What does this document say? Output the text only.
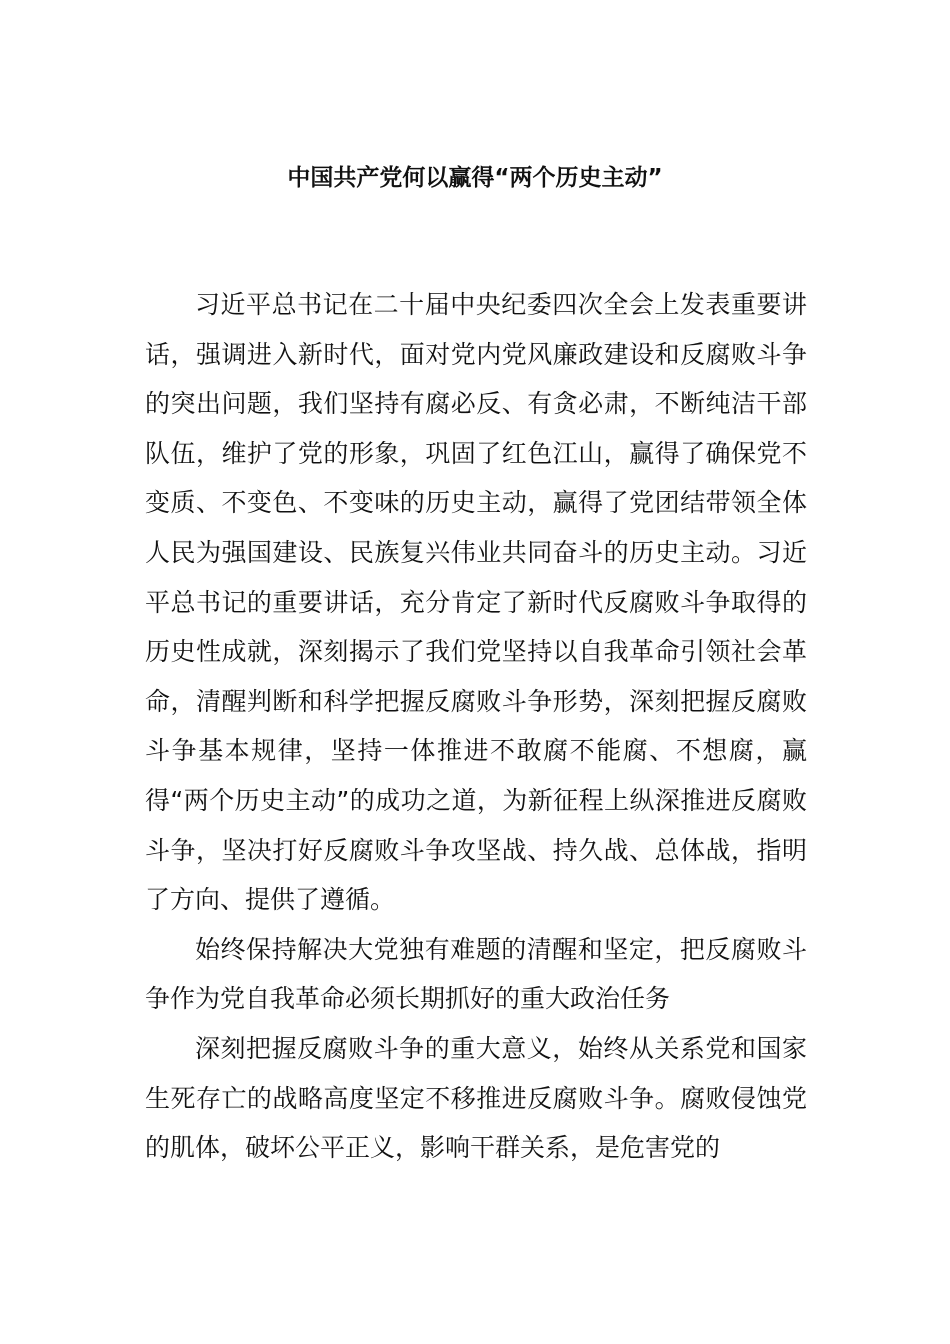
中国共产党何以赢得“两个历史主动”

习近平总书记在二十届中央纪委四次全会上发表重要讲话，强调进入新时代，面对党内党风廉政建设和反腐败斗争的突出问题，我们坚持有腐必反、有贪必肃，不断纯洁干部队伍，维护了党的形象，巩固了红色江山，赢得了确保党不变质、不变色、不变味的历史主动，赢得了党团结带领全体人民为强国建设、民族复兴伟业共同奋斗的历史主动。习近平总书记的重要讲话，充分肯定了新时代反腐败斗争取得的历史性成就，深刻揭示了我们党坚持以自我革命引领社会革命，清醒判断和科学把握反腐败斗争形势，深刻把握反腐败斗争基本规律，坚持一体推进不敢腐不能腐、不想腐，赢得“两个历史主动”的成功之道，为新征程上纵深推进反腐败斗争，坚决打好反腐败斗争攻坚战、持久战、总体战，指明了方向、提供了遵循。

始终保持解决大党独有难题的清醒和坚定，把反腐败斗争作为党自我革命必须长期抓好的重大政治任务

深刻把握反腐败斗争的重大意义，始终从关系党和国家生死存亡的战略高度坚定不移推进反腐败斗争。腐败侵蚀党的肌体，破坏公平正义，影响干群关系，是危害党的
